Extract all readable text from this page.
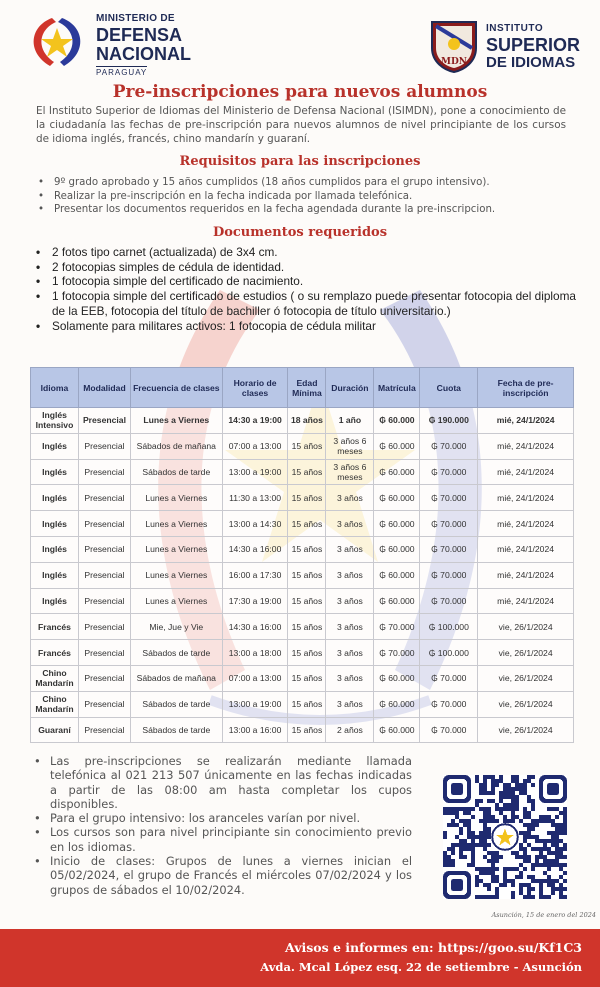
MINISTERIO DE
DEFENSA
NACIONAL
PARAGUAY
MDN
INSTITUTO
SUPERIOR
DE IDIOMAS
Pre-inscripciones para nuevos alumnos

El Instituto Superior de Idiomas del Ministerio de Defensa Nacional (ISIMDN), pone a conocimiento de la ciudadanía las fechas de pre-inscripción para nuevos alumnos de nivel principiante de los cursos de idioma inglés, francés, chino mandarín y guaraní.

Requisitos para las inscripciones
• 9º grado aprobado y 15 años cumplidos (18 años cumplidos para el grupo intensivo).
• Realizar la pre-inscripción en la fecha indicada por llamada telefónica.
• Presentar los documentos requeridos en la fecha agendada durante la pre-inscripcion.
Documentos requeridos
• 2 fotos tipo carnet (actualizada) de 3x4 cm.
• 2 fotocopias simples de cédula de identidad.
• 1 fotocopia simple del certificado de nacimiento.
• 1 fotocopia simple del certificado de estudios ( o su remplazo puede presentar fotocopia del diploma de la EEB, fotocopia del título de bachiller ó fotocopia de título universitario.)
• Solamente para militares activos: 1 fotocopia de cédula militar
Idioma	Modalidad	Frecuencia de clases	Horario de clases	Edad Mínima	Duración	Matrícula	Cuota	Fecha de pre-inscripción
Inglés Intensivo	Presencial	Lunes a Viernes	14:30 a 19:00	18 años	1 año	₲ 60.000	₲ 190.000	mié, 24/1/2024
Inglés	Presencial	Sábados de mañana	07:00 a 13:00	15 años	3 años 6 meses	₲ 60.000	₲ 70.000	mié, 24/1/2024
Inglés	Presencial	Sábados de tarde	13:00 a 19:00	15 años	3 años 6 meses	₲ 60.000	₲ 70.000	mié, 24/1/2024
Inglés	Presencial	Lunes a Viernes	11:30 a 13:00	15 años	3 años	₲ 60.000	₲ 70.000	mié, 24/1/2024
Inglés	Presencial	Lunes a Viernes	13:00 a 14:30	15 años	3 años	₲ 60.000	₲ 70.000	mié, 24/1/2024
Inglés	Presencial	Lunes a Viernes	14:30 a 16:00	15 años	3 años	₲ 60.000	₲ 70.000	mié, 24/1/2024
Inglés	Presencial	Lunes a Viernes	16:00 a 17:30	15 años	3 años	₲ 60.000	₲ 70.000	mié, 24/1/2024
Inglés	Presencial	Lunes a Viernes	17:30 a 19:00	15 años	3 años	₲ 60.000	₲ 70.000	mié, 24/1/2024
Francés	Presencial	Mie, Jue y Vie	14:30 a 16:00	15 años	3 años	₲ 70.000	₲ 100.000	vie, 26/1/2024
Francés	Presencial	Sábados de tarde	13:00 a 18:00	15 años	3 años	₲ 70.000	₲ 100.000	vie, 26/1/2024
Chino Mandarín	Presencial	Sábados de mañana	07:00 a 13:00	15 años	3 años	₲ 60.000	₲ 70.000	vie, 26/1/2024
Chino Mandarín	Presencial	Sábados de tarde	13:00 a 19:00	15 años	3 años	₲ 60.000	₲ 70.000	vie, 26/1/2024
Guaraní	Presencial	Sábados de tarde	13:00 a 16:00	15 años	2 años	₲ 60.000	₲ 70.000	vie, 26/1/2024
• Las pre-inscripciones se realizarán mediante llamada telefónica al 021 213 507 únicamente en las fechas indicadas a partir de las 08:00 am hasta completar los cupos disponibles.
• Para el grupo intensivo: los aranceles varían por nivel.
• Los cursos son para nivel principiante sin conocimiento previo en los idiomas.
• Inicio de clases: Grupos de lunes a viernes inician el 05/02/2024, el grupo de Francés el miércoles 07/02/2024 y los grupos de sábados el 10/02/2024.
Asunción, 15 de enero del 2024
Avisos e informes en: https://goo.su/Kf1C3
Avda. Mcal López esq. 22 de setiembre - Asunción
